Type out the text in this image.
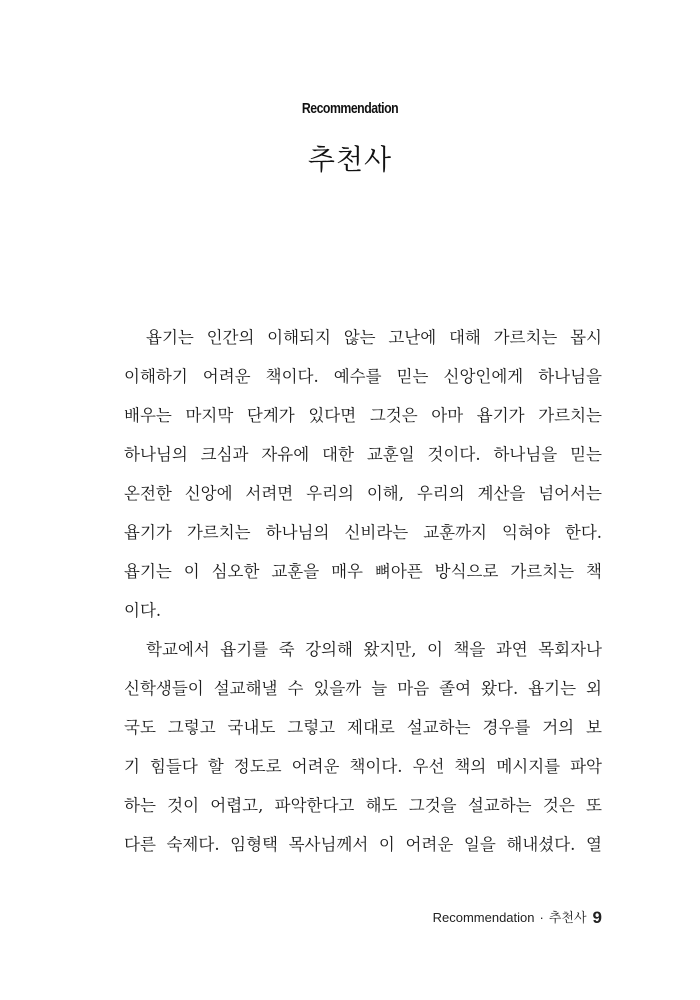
Recommendation
추천사
욥기는 인간의 이해되지 않는 고난에 대해 가르치는 몹시
이해하기 어려운 책이다. 예수를 믿는 신앙인에게 하나님을
배우는 마지막 단계가 있다면 그것은 아마 욥기가 가르치는
하나님의 크심과 자유에 대한 교훈일 것이다. 하나님을 믿는
온전한 신앙에 서려면 우리의 이해, 우리의 계산을 넘어서는
욥기가 가르치는 하나님의 신비라는 교훈까지 익혀야 한다.
욥기는 이 심오한 교훈을 매우 뼈아픈 방식으로 가르치는 책
이다.
학교에서 욥기를 죽 강의해 왔지만, 이 책을 과연 목회자나
신학생들이 설교해낼 수 있을까 늘 마음 졸여 왔다. 욥기는 외
국도 그렇고 국내도 그렇고 제대로 설교하는 경우를 거의 보
기 힘들다 할 정도로 어려운 책이다. 우선 책의 메시지를 파악
하는 것이 어렵고, 파악한다고 해도 그것을 설교하는 것은 또
다른 숙제다. 임형택 목사님께서 이 어려운 일을 해내셨다. 열
Recommendation · 추천사 9
